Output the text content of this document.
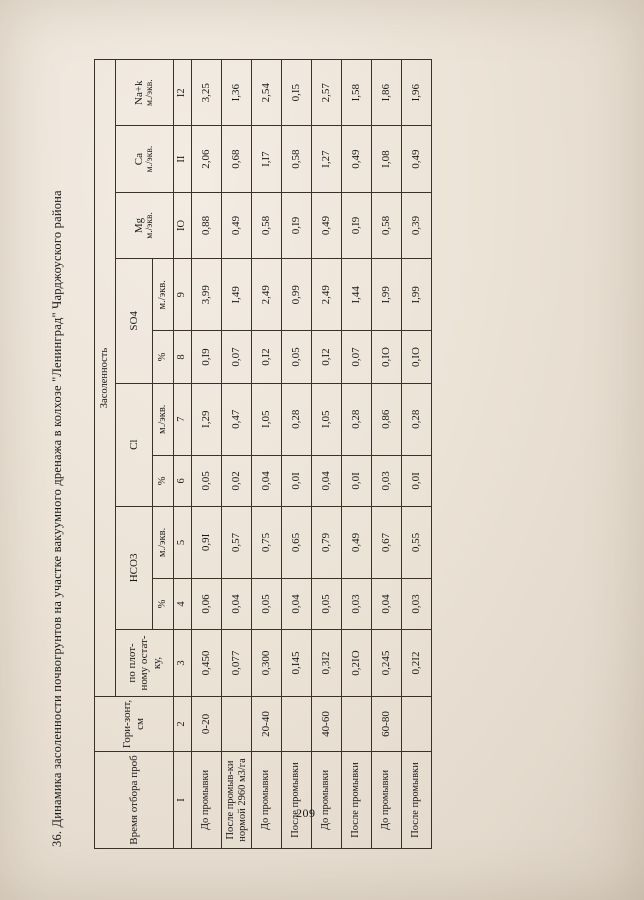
36. Динамика засоленности почвогрунтов на участке вакуумного дренажа в колхозе "Ленинград" Чарджоуского района	Время отбора проб	Гори-зонт, см	Засоленность									
		по плот-ному остат-ку,	НСО3		Cl		SO4		Mg м./экв.	Ca м./экв.	Na+k м./экв.

			%	м./экв.	%	м./экв.	%	м./экв.			
I	2	3	4	5	6	7	8	9	IO	II	I2
До промывки	0-20	0,450	0,06	0,9I	0,05	I,29	0,I9	3,99	0,88	2,06	3,25
После промыв-ки нормой 2960 м3/га		0,077	0,04	0,57	0,02	0,47	0,07	I,49	0,49	0,68	I,36
До промывки	20-40	0,300	0,05	0,75	0,04	I,05	0,I2	2,49	0,58	I,I7	2,54
После промывки		0,I45	0,04	0,65	0,0I	0,28	0,05	0,99	0,I9	0,58	0,I5
До промывки	40-60	0,3I2	0,05	0,79	0,04	I,05	0,I2	2,49	0,49	I,27	2,57
После промывки		0,2IO	0,03	0,49	0,0I	0,28	0,07	I,44	0,I9	0,49	I,58
До промывки	60-80	0,245	0,04	0,67	0,03	0,86	0,IO	I,99	0,58	I,08	I,86
После промывки		0,2I2	0,03	0,55	0,0I	0,28	0,IO	I,99	0,39	0,49	I,96
209
